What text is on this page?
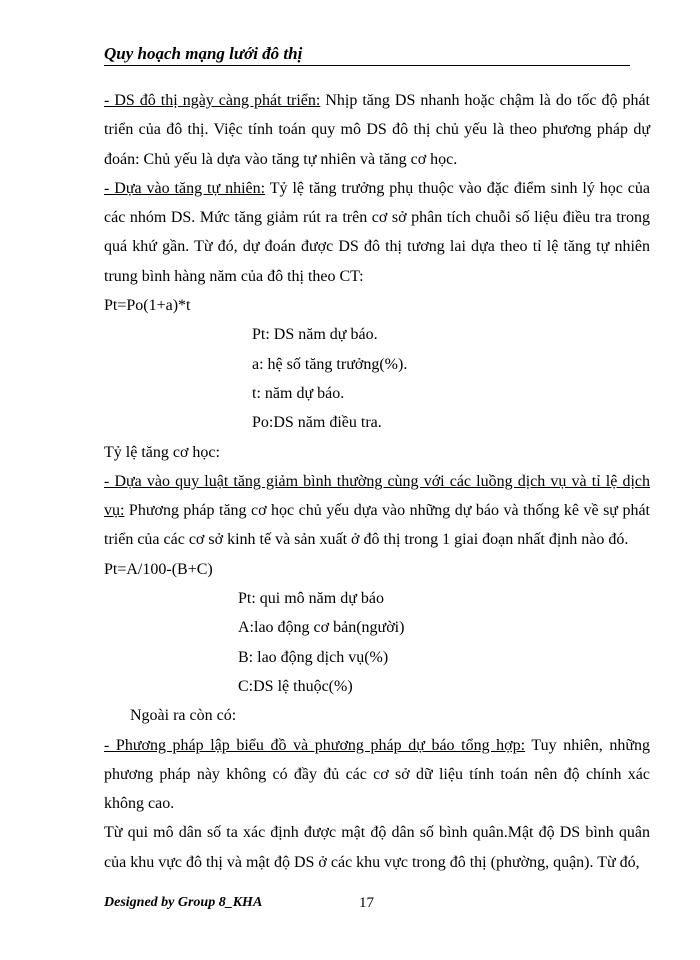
Quy hoạch mạng lưới đô thị

- DS đô thị ngày càng phát triển: Nhịp tăng DS nhanh hoặc chậm là do tốc độ phát triển của đô thị. Việc tính toán quy mô DS đô thị chủ yếu là theo phương pháp dự đoán: Chủ yếu là dựa vào tăng tự nhiên và tăng cơ học.

- Dựa vào tăng tự nhiên: Tỷ lệ tăng trưởng phụ thuộc vào đặc điểm sinh lý học của các nhóm DS. Mức tăng giảm rút ra trên cơ sở phân tích chuỗi số liệu điều tra trong quá khứ gần. Từ đó, dự đoán được DS đô thị tương lai dựa theo tỉ lệ tăng tự nhiên trung bình hàng năm của đô thị theo CT:

Pt=Po(1+a)*t

Pt: DS năm dự báo.

a: hệ số tăng trưởng(%).

t: năm dự báo.

Po:DS năm điều tra.

Tỷ lệ tăng cơ học:

- Dựa vào quy luật tăng giảm bình thường cùng với các luồng dịch vụ và tỉ lệ dịch vụ: Phương pháp tăng cơ học chủ yếu dựa vào những dự báo và thống kê về sự phát triển của các cơ sở kinh tế và sản xuất ở đô thị trong 1 giai đoạn nhất định nào đó.

Pt=A/100-(B+C)

Pt: qui mô năm dự báo

A:lao động cơ bản(người)

B: lao động dịch vụ(%)

C:DS lệ thuộc(%)

Ngoài ra còn có:

- Phương pháp lập biểu đồ và phương pháp dự báo tổng hợp: Tuy nhiên, những phương pháp này không có đầy đủ các cơ sở dữ liệu tính toán nên độ chính xác không cao.

Từ qui mô dân số ta xác định được mật độ dân số bình quân.Mật độ DS bình quân của khu vực đô thị và mật độ DS ở các khu vực trong đô thị (phường, quận). Từ đó,

Designed by Group 8_KHA	17
